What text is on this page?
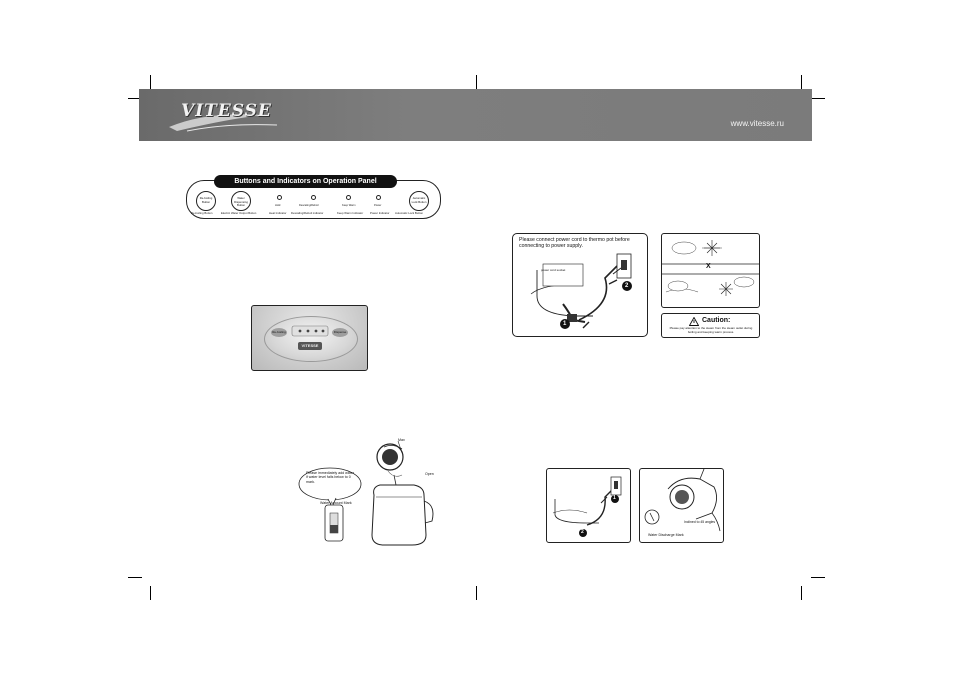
VITESSE
www.vitesse.ru
Buttons and Indicators on Operation Panel
Re-boiling Button
Water Dispensing Button
Automatic Lock Button
Hold	Descaling/Reboil	Keep Warm	Power
Re-boiling Button	Electric Water Output Button	Heat Indicator Descaling/Reboil indicator	Keep Warm Indicator Power Indicator Automatic Lock Button
Re-boiling	Dispense
VITESSE
Please immediately add water if water level falls below to 0 mark.
Water Amount Mark
Max
Open
Please connect power cord to thermo pot before connecting to power supply.
power cord socket
1
2
X
Caution:
Please pay attention to the steam from the steam outlet during boiling and keeping warm process.
2
1
Inclined to 45 angles
Water Discharge Mark
